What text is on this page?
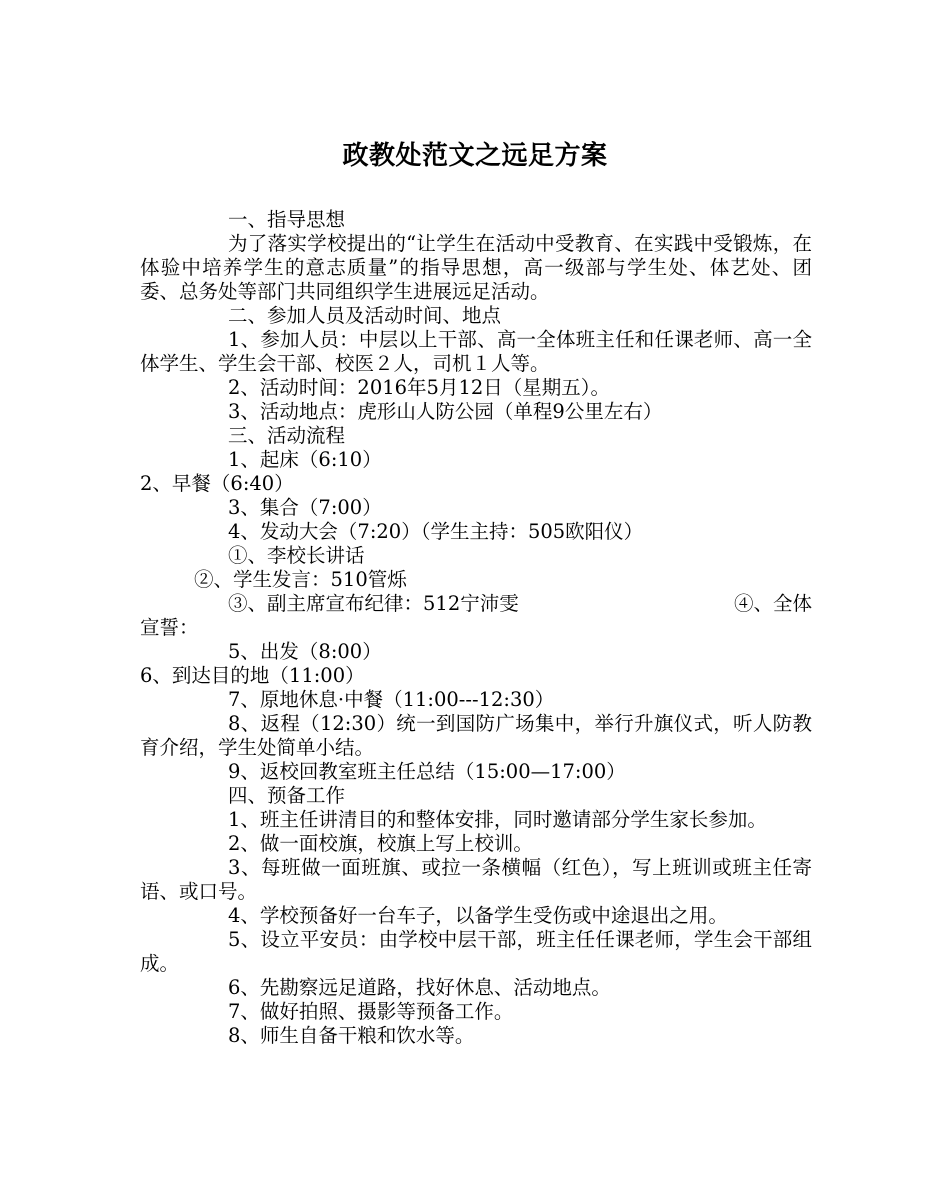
政教处范文之远足方案

一、指导思想

为了落实学校提出的“让学生在活动中受教育、在实践中受锻炼，在体验中培养学生的意志质量”的指导思想，高一级部与学生处、体艺处、团委、总务处等部门共同组织学生进展远足活动。

二、参加人员及活动时间、地点

1、参加人员：中层以上干部、高一全体班主任和任课老师、高一全体学生、学生会干部、校医２人，司机１人等。

2、活动时间：2016年5月12日（星期五）。

3、活动地点：虎形山人防公园（单程9公里左右）

三、活动流程

1、起床（6:10）

2、早餐（6:40）

3、集合（7:00）

4、发动大会（7:20）（学生主持：505欧阳仪）

①、李校长讲话

②、学生发言：510管烁

③、副主席宣布纪律：512宁沛雯	④、全体

宣誓：

5、出发（8:00）

6、到达目的地（11:00）

7、原地休息·中餐（11:00---12:30）

8、返程（12:30）统一到国防广场集中，举行升旗仪式，听人防教育介绍，学生处简单小结。

9、返校回教室班主任总结（15:00—17:00）

四、预备工作

1、班主任讲清目的和整体安排，同时邀请部分学生家长参加。

2、做一面校旗，校旗上写上校训。

3、每班做一面班旗、或拉一条横幅（红色），写上班训或班主任寄语、或口号。

4、学校预备好一台车子，以备学生受伤或中途退出之用。

5、设立平安员：由学校中层干部，班主任任课老师，学生会干部组成。

6、先勘察远足道路，找好休息、活动地点。

7、做好拍照、摄影等预备工作。

8、师生自备干粮和饮水等。
